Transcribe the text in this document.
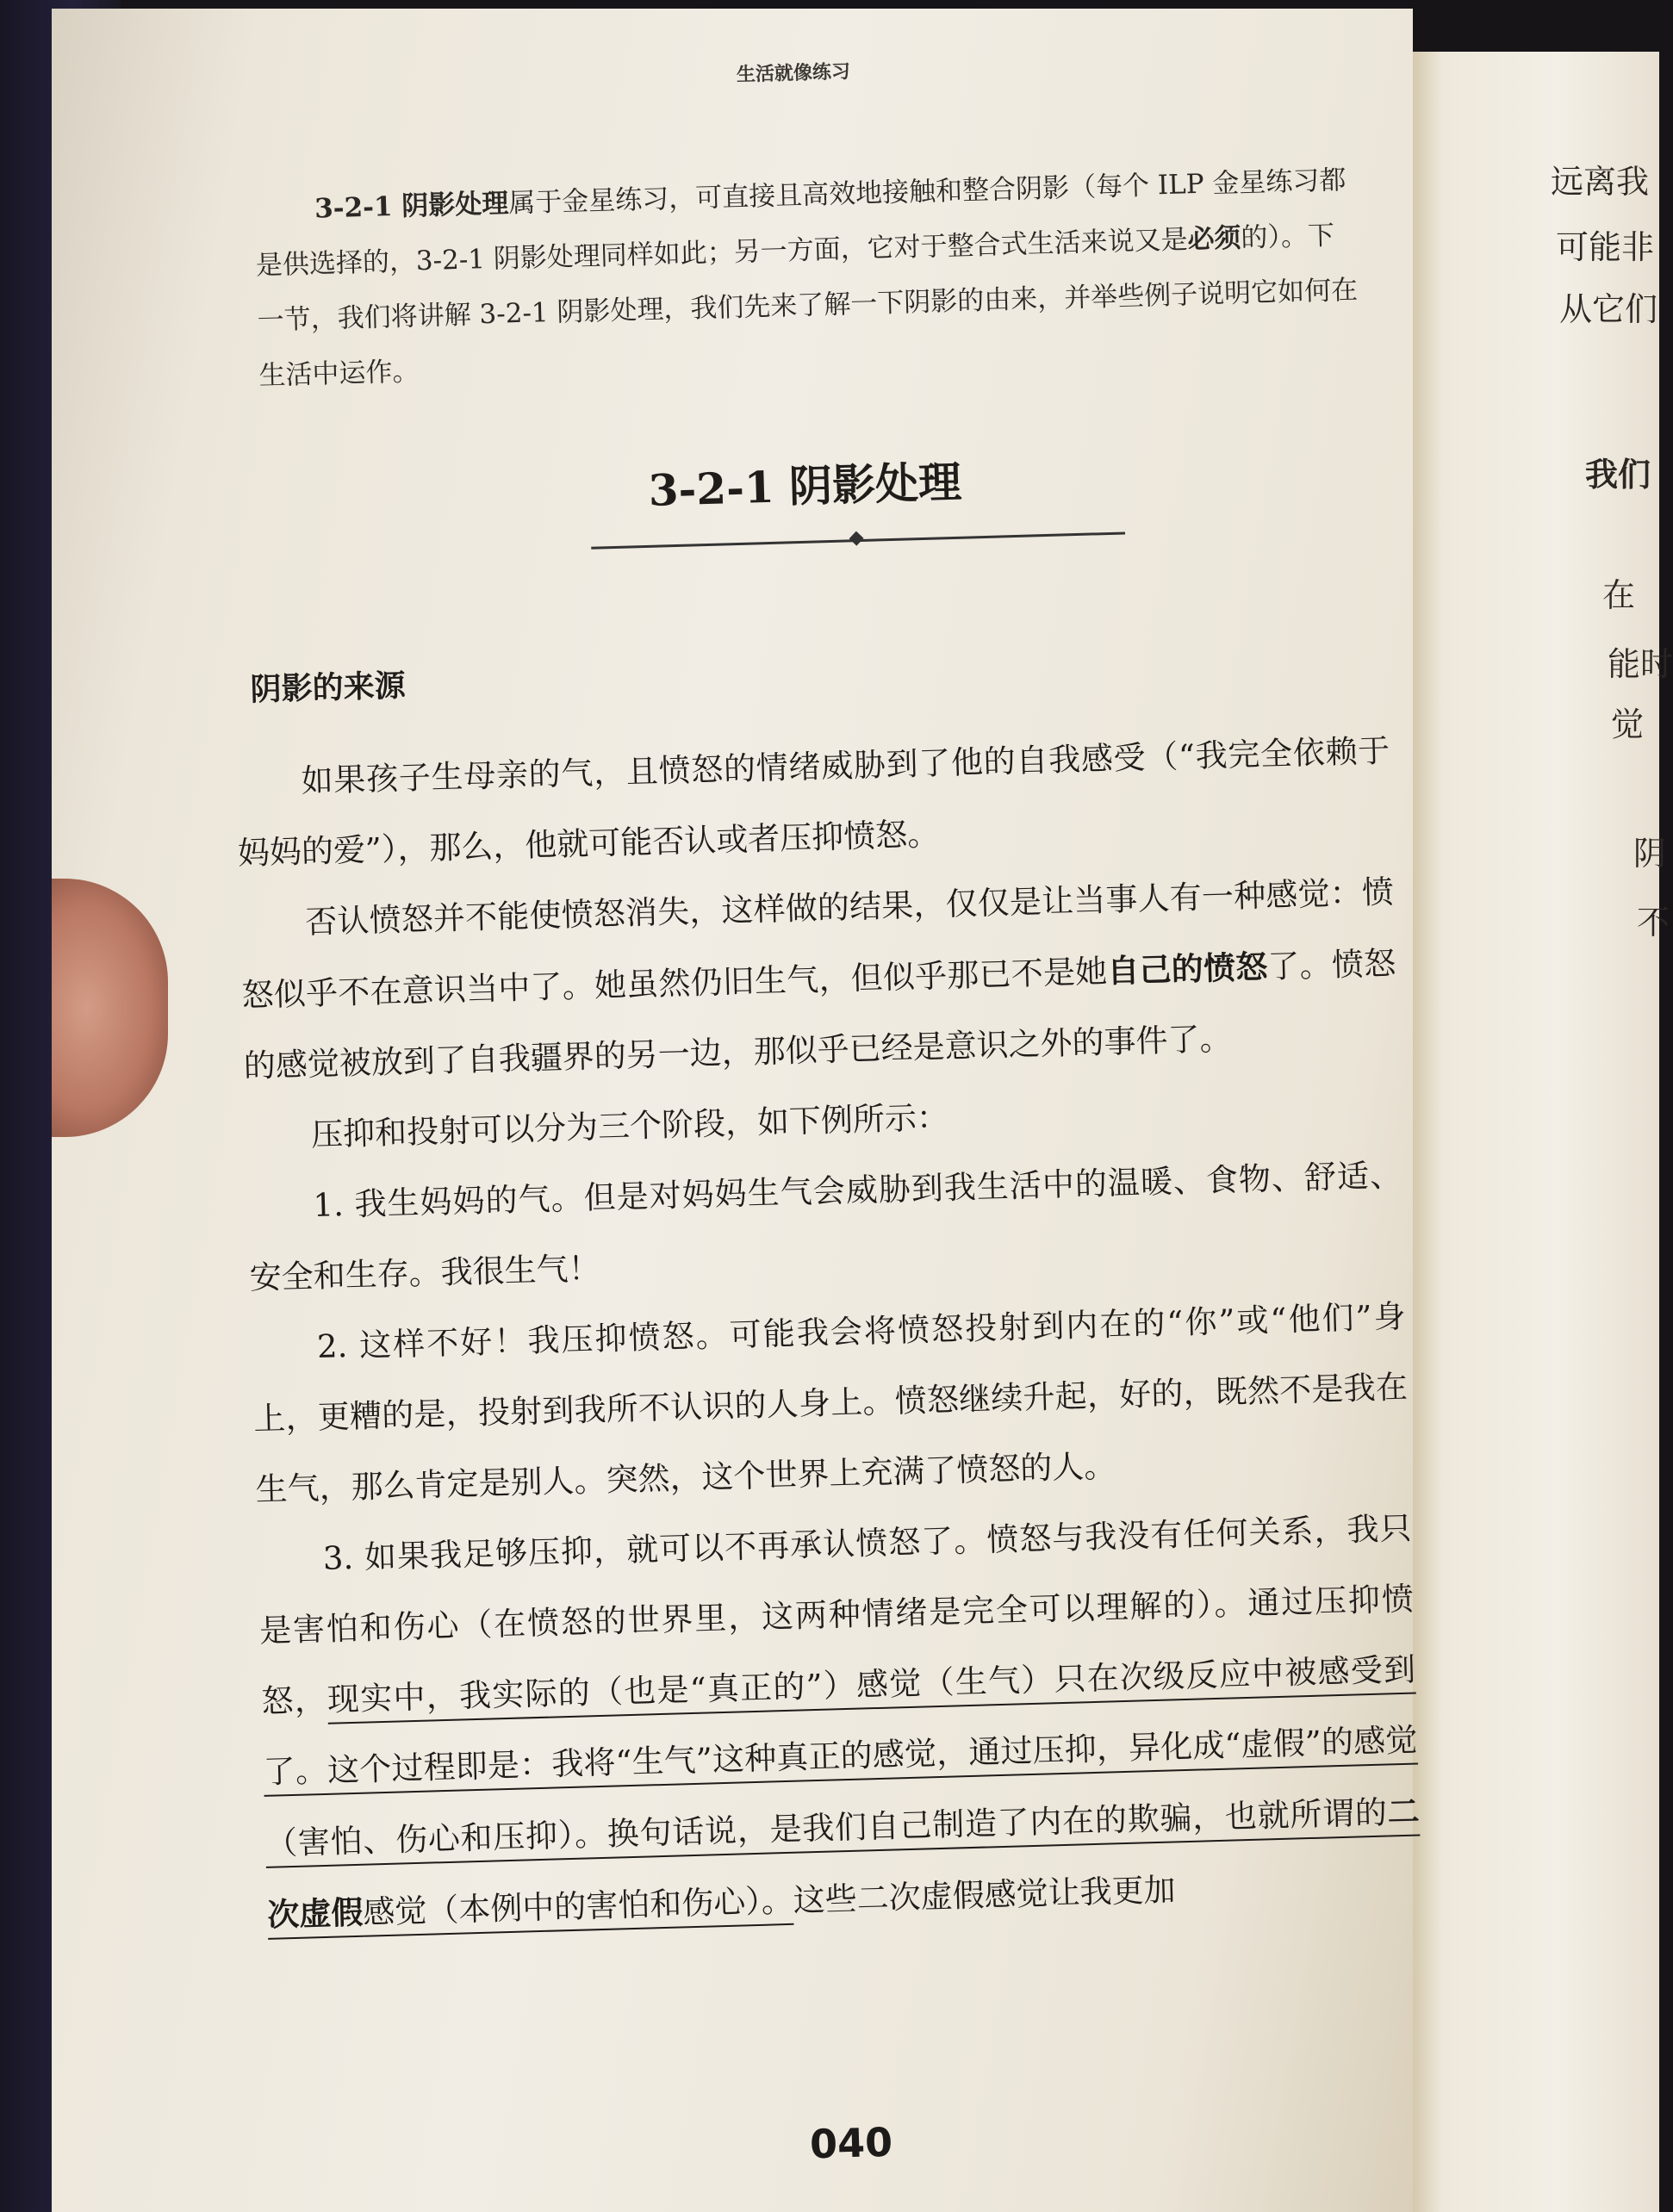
远离我
可能非
从它们
我们
在
能时
觉
阴
不
生活就像练习
3-2-1 阴影处理属于金星练习，可直接且高效地接触和整合阴影（每个 ILP 金星练习都是供选择的，3-2-1 阴影处理同样如此；另一方面，它对于整合式生活来说又是必须的）。下一节，我们将讲解 3-2-1 阴影处理，我们先来了解一下阴影的由来，并举些例子说明它如何在生活中运作。
3-2-1 阴影处理
阴影的来源

如果孩子生母亲的气，且愤怒的情绪威胁到了他的自我感受（“我完全依赖于妈妈的爱”），那么，他就可能否认或者压抑愤怒。

否认愤怒并不能使愤怒消失，这样做的结果，仅仅是让当事人有一种感觉：愤怒似乎不在意识当中了。她虽然仍旧生气，但似乎那已不是她自己的愤怒了。愤怒的感觉被放到了自我疆界的另一边，那似乎已经是意识之外的事件了。

压抑和投射可以分为三个阶段，如下例所示：

1. 我生妈妈的气。但是对妈妈生气会威胁到我生活中的温暖、食物、舒适、安全和生存。我很生气！

2. 这样不好！我压抑愤怒。可能我会将愤怒投射到内在的“你”或“他们”身上，更糟的是，投射到我所不认识的人身上。愤怒继续升起，好的，既然不是我在生气，那么肯定是别人。突然，这个世界上充满了愤怒的人。

3. 如果我足够压抑，就可以不再承认愤怒了。愤怒与我没有任何关系，我只是害怕和伤心（在愤怒的世界里，这两种情绪是完全可以理解的）。通过压抑愤怒，现实中，我实际的（也是“真正的”）感觉（生气）只在次级反应中被感受到了。这个过程即是：我将“生气”这种真正的感觉，通过压抑，异化成“虚假”的感觉（害怕、伤心和压抑）。换句话说，是我们自己制造了内在的欺骗，也就所谓的二次虚假感觉（本例中的害怕和伤心）。这些二次虚假感觉让我更加

040
